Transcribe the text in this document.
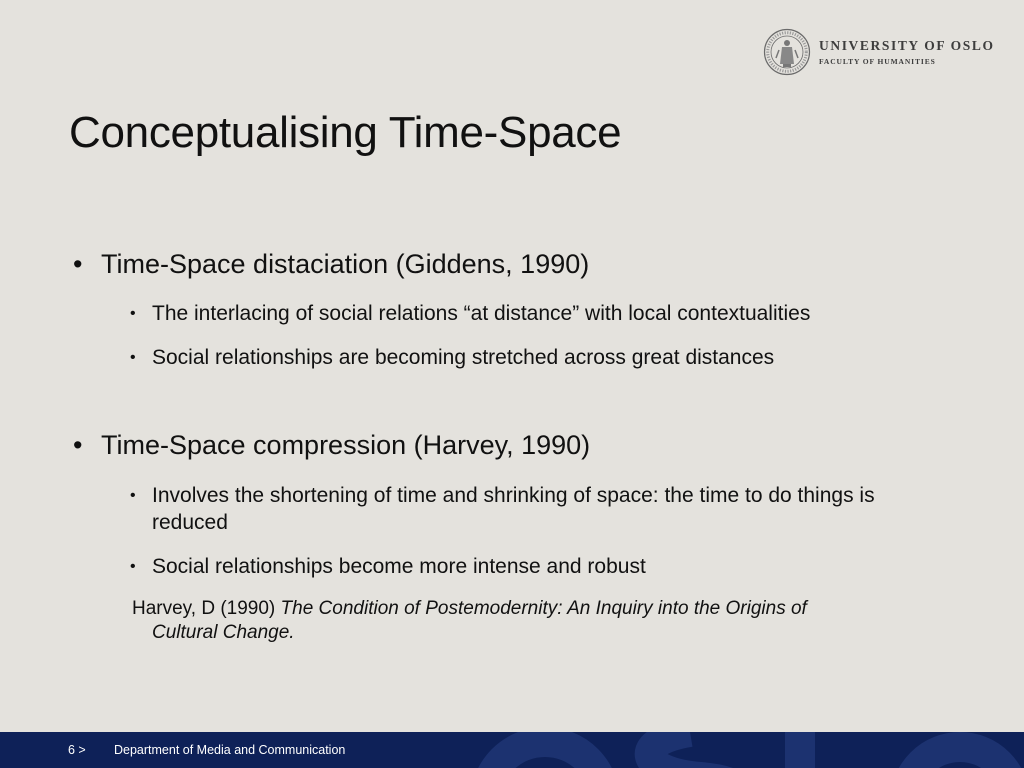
UNIVERSITY OF OSLO
FACULTY OF HUMANITIES
Conceptualising Time-Space
• Time-Space distaciation (Giddens, 1990)
• The interlacing of social relations “at distance” with local contextualities
• Social relationships are becoming stretched across great distances
• Time-Space compression (Harvey, 1990)
• Involves the shortening of time and shrinking of space: the time to do things is reduced
• Social relationships become more intense and robust
Harvey, D (1990) The Condition of Postemodernity: An Inquiry into the Origins of
Cultural Change.
6 > Department of Media and Communication
